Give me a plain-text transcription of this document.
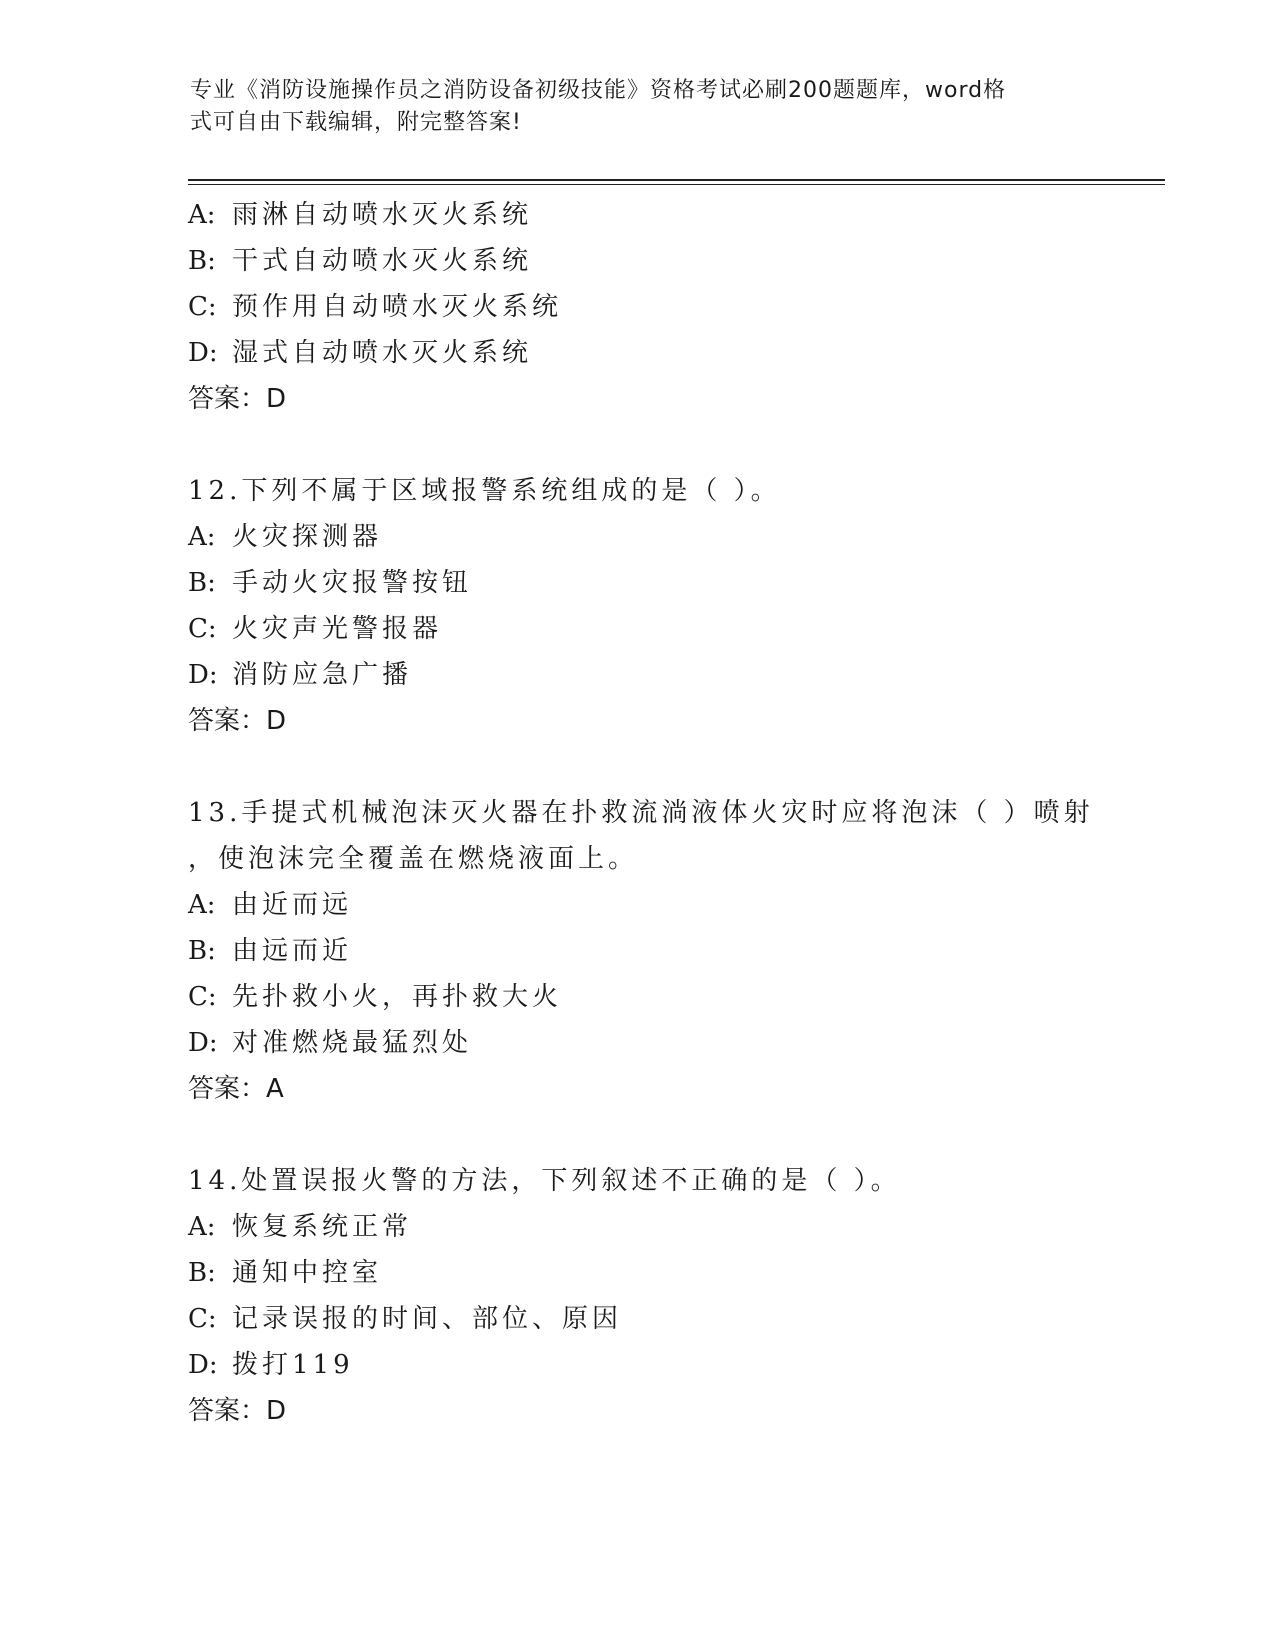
专业《消防设施操作员之消防设备初级技能》资格考试必刷200题题库，word格
式可自由下载编辑，附完整答案!
A: 雨淋自动喷水灭火系统
B: 干式自动喷水灭火系统
C: 预作用自动喷水灭火系统
D: 湿式自动喷水灭火系统
答案：D
12.下列不属于区域报警系统组成的是（ ）。
A: 火灾探测器
B: 手动火灾报警按钮
C: 火灾声光警报器
D: 消防应急广播
答案：D
13.手提式机械泡沫灭火器在扑救流淌液体火灾时应将泡沫（ ）喷射
，使泡沫完全覆盖在燃烧液面上。
A: 由近而远
B: 由远而近
C: 先扑救小火，再扑救大火
D: 对准燃烧最猛烈处
答案：A
14.处置误报火警的方法，下列叙述不正确的是（ ）。
A: 恢复系统正常
B: 通知中控室
C: 记录误报的时间、部位、原因
D: 拨打119
答案：D
